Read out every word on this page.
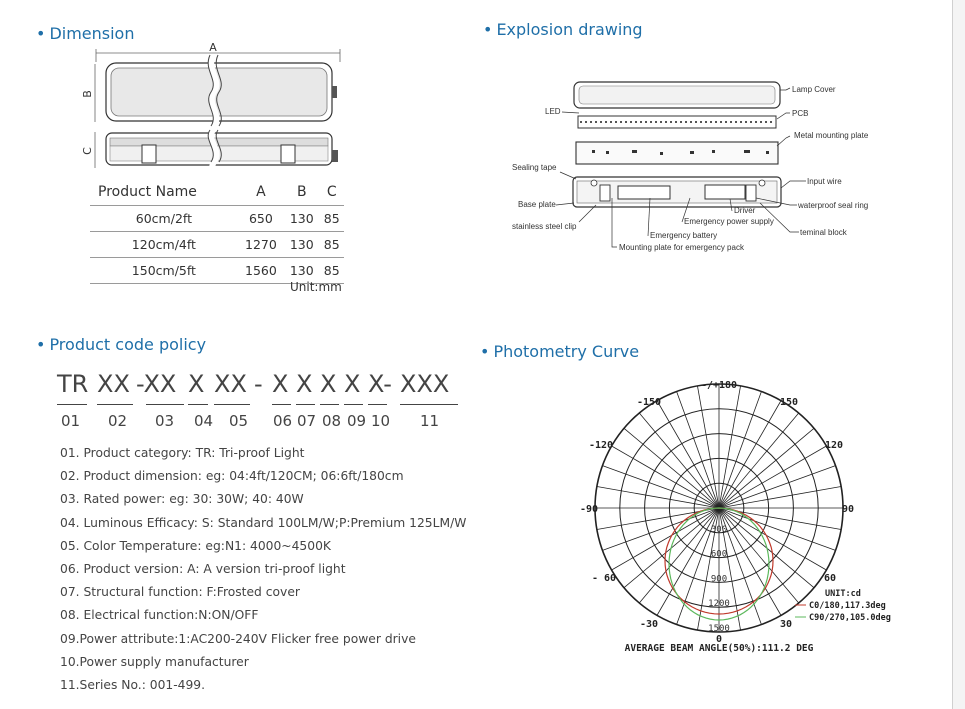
• Dimension
A
B
C
Product Name	A	B	C
60cm/2ft	650	130	85
120cm/4ft	1270	130	85
150cm/5ft	1560	130	85
Unit:mm
• Explosion drawing
Lamp Cover
LED	PCB
Metal mounting plate
Sealing tape
Input wire
Base plate
Driver
waterproof seal ring
Emergency power supply
stainless steel clip
teminal block
Emergency battery
Mounting plate for emergency pack
• Product code policy
TR XX -XX X XX - X X X X X- XXX
01 02 03 04 05 06 07 08 09 10 11
01. Product category: TR: Tri-proof Light
02. Product dimension: eg: 04:4ft/120CM; 06:6ft/180cm
03. Rated power: eg: 30: 30W; 40: 40W
04. Luminous Efficacy: S: Standard 100LM/W;P:Premium 125LM/W
05. Color Temperature: eg:N1: 4000~4500K
06. Product version: A: A version tri-proof light
07. Structural function: F:Frosted cover
08. Electrical function:N:ON/OFF
09.Power attribute:1:AC200-240V Flicker free power drive
10.Power supply manufacturer
11.Series No.: 001-499.
• Photometry Curve
-/+180
-150	150
-120	120
-90	90
- 60	60
-30	30
0
300
600
900
1200
1500
UNIT:cd
C0/180,117.3deg
C90/270,105.0deg
AVERAGE BEAM ANGLE(50%):111.2 DEG
